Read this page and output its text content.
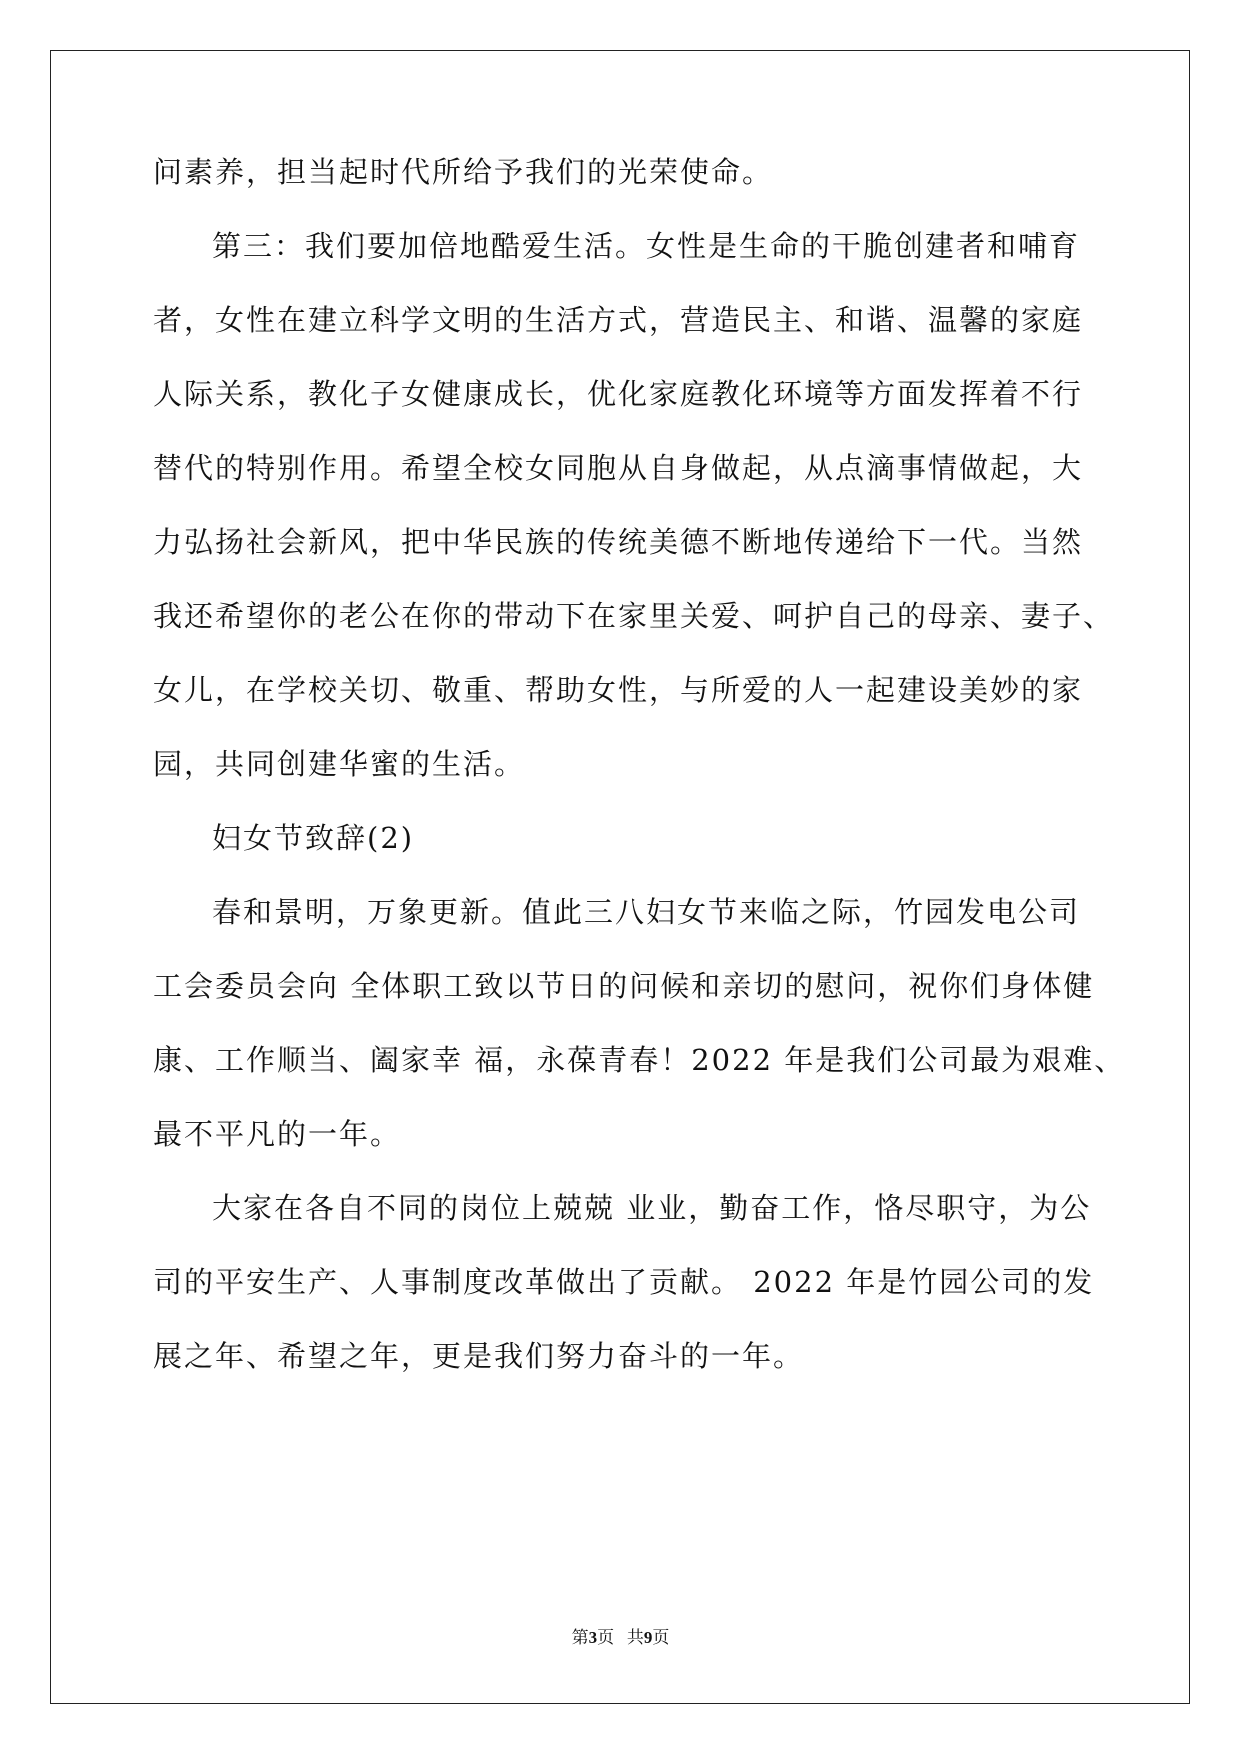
问素养，担当起时代所给予我们的光荣使命。
第三：我们要加倍地酷爱生活。女性是生命的干脆创建者和哺育
者，女性在建立科学文明的生活方式，营造民主、和谐、温馨的家庭
人际关系，教化子女健康成长，优化家庭教化环境等方面发挥着不行
替代的特别作用。希望全校女同胞从自身做起，从点滴事情做起，大
力弘扬社会新风，把中华民族的传统美德不断地传递给下一代。当然
我还希望你的老公在你的带动下在家里关爱、呵护自己的母亲、妻子、
女儿，在学校关切、敬重、帮助女性，与所爱的人一起建设美妙的家
园，共同创建华蜜的生活。
妇女节致辞(2)
春和景明，万象更新。值此三八妇女节来临之际，竹园发电公司
工会委员会向 全体职工致以节日的问候和亲切的慰问，祝你们身体健
康、工作顺当、阖家幸 福，永葆青春！2022 年是我们公司最为艰难、
最不平凡的一年。
大家在各自不同的岗位上兢兢 业业，勤奋工作，恪尽职守，为公
司的平安生产、人事制度改革做出了贡献。 2022 年是竹园公司的发
展之年、希望之年，更是我们努力奋斗的一年。
第3页 共9页
